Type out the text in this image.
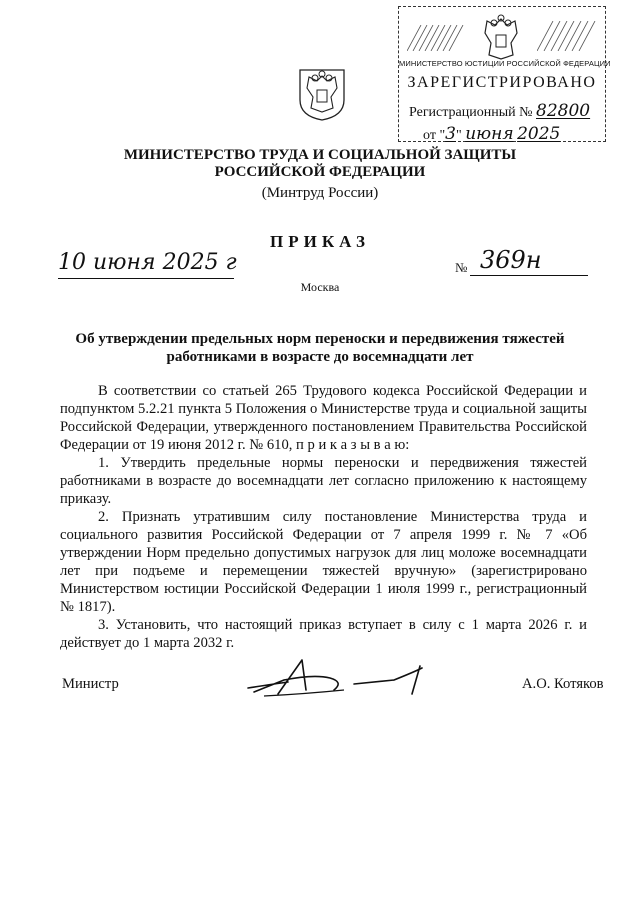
МИНИСТЕРСТВО ЮСТИЦИИ РОССИЙСКОЙ ФЕДЕРАЦИИ
ЗАРЕГИСТРИРОВАНО
Регистрационный № 82800
от "3" июня 2025
МИНИСТЕРСТВО ТРУДА И СОЦИАЛЬНОЙ ЗАЩИТЫ
РОССИЙСКОЙ ФЕДЕРАЦИИ
(Минтруд России)
ПРИКАЗ
10 июня 2025 г	№ 369н
Москва
Об утверждении предельных норм переноски и передвижения тяжестей
работниками в возрасте до восемнадцати лет

В соответствии со статьей 265 Трудового кодекса Российской Федерации и подпунктом 5.2.21 пункта 5 Положения о Министерстве труда и социальной защиты Российской Федерации, утвержденного постановлением Правительства Российской Федерации от 19 июня 2012 г. № 610, п р и к а з ы в а ю:

1. Утвердить предельные нормы переноски и передвижения тяжестей работниками в возрасте до восемнадцати лет согласно приложению к настоящему приказу.

2. Признать утратившим силу постановление Министерства труда и социального развития Российской Федерации от 7 апреля 1999 г. № 7 «Об утверждении Норм предельно допустимых нагрузок для лиц моложе восемнадцати лет при подъеме и перемещении тяжестей вручную» (зарегистрировано Министерством юстиции Российской Федерации 1 июля 1999 г., регистрационный № 1817).

3. Установить, что настоящий приказ вступает в силу с 1 марта 2026 г. и действует до 1 марта 2032 г.

Министр	А.О. Котяков
